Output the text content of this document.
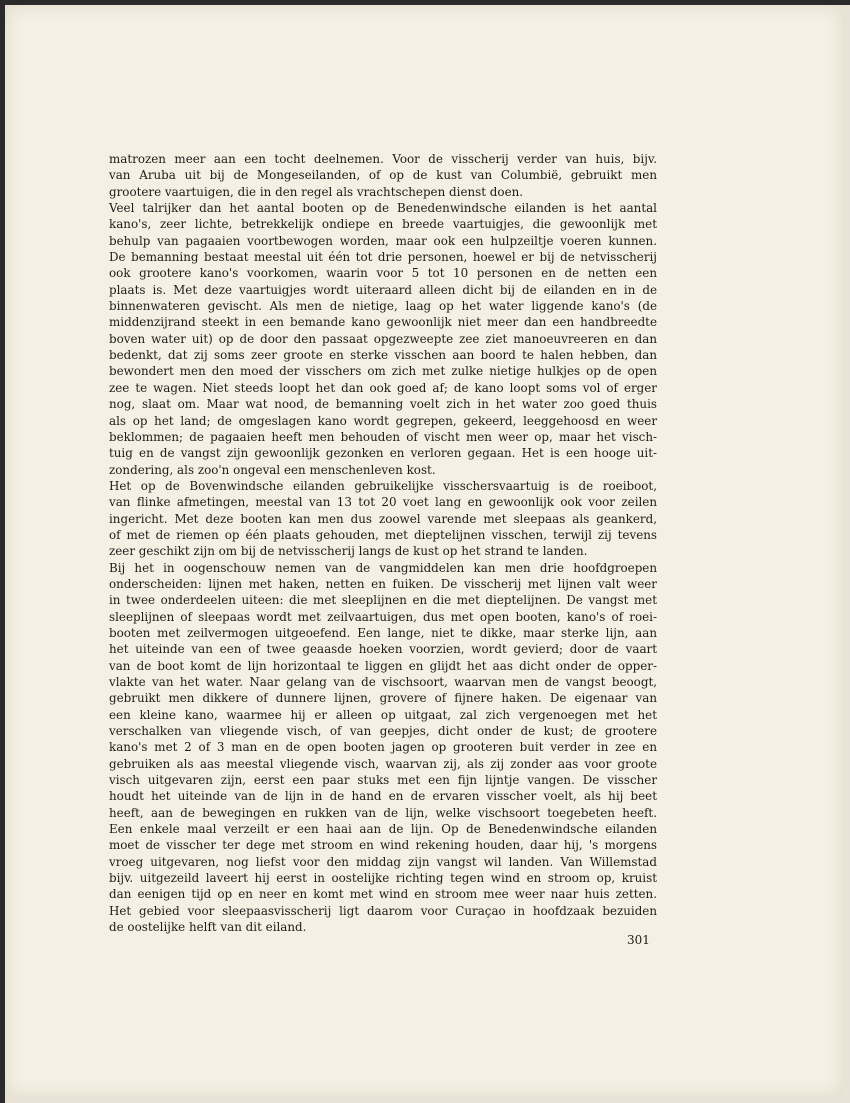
matrozen meer aan een tocht deelnemen. Voor de visscherij verder van huis, bijv.
van Aruba uit bij de Mongeseilanden, of op de kust van Columbië, gebruikt men
grootere vaartuigen, die in den regel als vrachtschepen dienst doen.
Veel talrijker dan het aantal booten op de Benedenwindsche eilanden is het aantal
kano's, zeer lichte, betrekkelijk ondiepe en breede vaartuigjes, die gewoonlijk met
behulp van pagaaien voortbewogen worden, maar ook een hulpzeiltje voeren kunnen.
De bemanning bestaat meestal uit één tot drie personen, hoewel er bij de netvisscherij
ook grootere kano's voorkomen, waarin voor 5 tot 10 personen en de netten een
plaats is. Met deze vaartuigjes wordt uiteraard alleen dicht bij de eilanden en in de
binnenwateren gevischt. Als men de nietige, laag op het water liggende kano's (de
middenzijrand steekt in een bemande kano gewoonlijk niet meer dan een handbreedte
boven water uit) op de door den passaat opgezweepte zee ziet manoeuvreeren en dan
bedenkt, dat zij soms zeer groote en sterke visschen aan boord te halen hebben, dan
bewondert men den moed der visschers om zich met zulke nietige hulkjes op de open
zee te wagen. Niet steeds loopt het dan ook goed af; de kano loopt soms vol of erger
nog, slaat om. Maar wat nood, de bemanning voelt zich in het water zoo goed thuis
als op het land; de omgeslagen kano wordt gegrepen, gekeerd, leeggehoosd en weer
beklommen; de pagaaien heeft men behouden of vischt men weer op, maar het visch-
tuig en de vangst zijn gewoonlijk gezonken en verloren gegaan. Het is een hooge uit-
zondering, als zoo'n ongeval een menschenleven kost.
Het op de Bovenwindsche eilanden gebruikelijke visschersvaartuig is de roeiboot,
van flinke afmetingen, meestal van 13 tot 20 voet lang en gewoonlijk ook voor zeilen
ingericht. Met deze booten kan men dus zoowel varende met sleepaas als geankerd,
of met de riemen op één plaats gehouden, met dieptelijnen visschen, terwijl zij tevens
zeer geschikt zijn om bij de netvisscherij langs de kust op het strand te landen.
Bij het in oogenschouw nemen van de vangmiddelen kan men drie hoofdgroepen
onderscheiden: lijnen met haken, netten en fuiken. De visscherij met lijnen valt weer
in twee onderdeelen uiteen: die met sleeplijnen en die met dieptelijnen. De vangst met
sleeplijnen of sleepaas wordt met zeilvaartuigen, dus met open booten, kano's of roei-
booten met zeilvermogen uitgeoefend. Een lange, niet te dikke, maar sterke lijn, aan
het uiteinde van een of twee geaasde hoeken voorzien, wordt gevierd; door de vaart
van de boot komt de lijn horizontaal te liggen en glijdt het aas dicht onder de opper-
vlakte van het water. Naar gelang van de vischsoort, waarvan men de vangst beoogt,
gebruikt men dikkere of dunnere lijnen, grovere of fijnere haken. De eigenaar van
een kleine kano, waarmee hij er alleen op uitgaat, zal zich vergenoegen met het
verschalken van vliegende visch, of van geepjes, dicht onder de kust; de grootere
kano's met 2 of 3 man en de open booten jagen op grooteren buit verder in zee en
gebruiken als aas meestal vliegende visch, waarvan zij, als zij zonder aas voor groote
visch uitgevaren zijn, eerst een paar stuks met een fijn lijntje vangen. De visscher
houdt het uiteinde van de lijn in de hand en de ervaren visscher voelt, als hij beet
heeft, aan de bewegingen en rukken van de lijn, welke vischsoort toegebeten heeft.
Een enkele maal verzeilt er een haai aan de lijn. Op de Benedenwindsche eilanden
moet de visscher ter dege met stroom en wind rekening houden, daar hij, 's morgens
vroeg uitgevaren, nog liefst voor den middag zijn vangst wil landen. Van Willemstad
bijv. uitgezeild laveert hij eerst in oostelijke richting tegen wind en stroom op, kruist
dan eenigen tijd op en neer en komt met wind en stroom mee weer naar huis zetten.
Het gebied voor sleepaasvisscherij ligt daarom voor Curaçao in hoofdzaak bezuiden
de oostelijke helft van dit eiland.
301
